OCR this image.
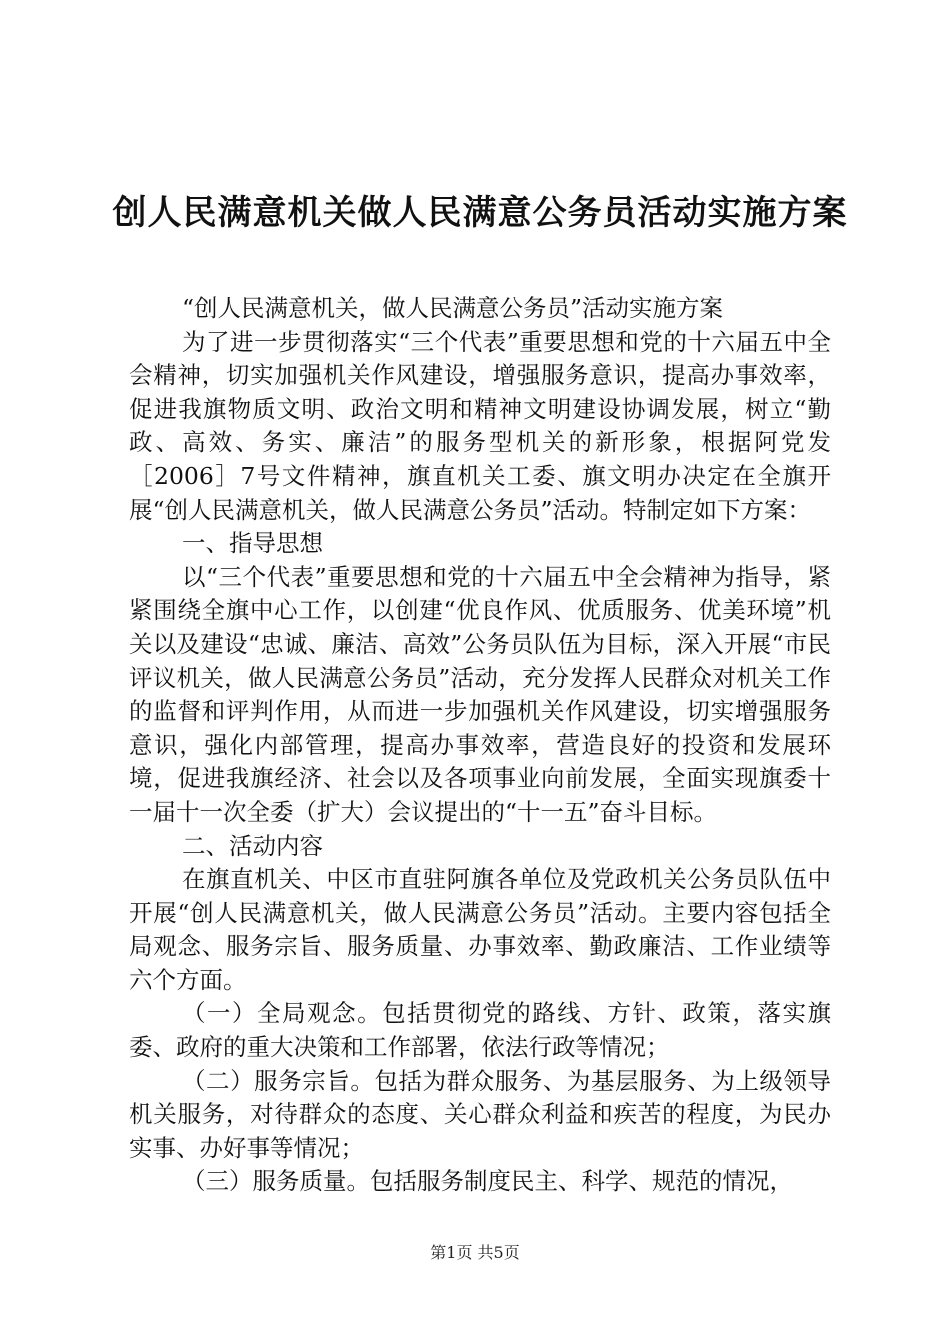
创人民满意机关做人民满意公务员活动实施方案

“创人民满意机关，做人民满意公务员”活动实施方案

为了进一步贯彻落实“三个代表”重要思想和党的十六届五中全会精神，切实加强机关作风建设，增强服务意识，提高办事效率，促进我旗物质文明、政治文明和精神文明建设协调发展，树立“勤政、高效、务实、廉洁”的服务型机关的新形象，根据阿党发［2006］7号文件精神，旗直机关工委、旗文明办决定在全旗开展“创人民满意机关，做人民满意公务员”活动。特制定如下方案：

一、指导思想

以“三个代表”重要思想和党的十六届五中全会精神为指导，紧紧围绕全旗中心工作，以创建“优良作风、优质服务、优美环境”机关以及建设“忠诚、廉洁、高效”公务员队伍为目标，深入开展“市民评议机关，做人民满意公务员”活动，充分发挥人民群众对机关工作的监督和评判作用，从而进一步加强机关作风建设，切实增强服务意识，强化内部管理，提高办事效率，营造良好的投资和发展环境，促进我旗经济、社会以及各项事业向前发展，全面实现旗委十一届十一次全委（扩大）会议提出的“十一五”奋斗目标。

二、活动内容

在旗直机关、中区市直驻阿旗各单位及党政机关公务员队伍中开展“创人民满意机关，做人民满意公务员”活动。主要内容包括全局观念、服务宗旨、服务质量、办事效率、勤政廉洁、工作业绩等六个方面。

（一）全局观念。包括贯彻党的路线、方针、政策，落实旗委、政府的重大决策和工作部署，依法行政等情况；

（二）服务宗旨。包括为群众服务、为基层服务、为上级领导机关服务，对待群众的态度、关心群众利益和疾苦的程度，为民办实事、办好事等情况；

（三）服务质量。包括服务制度民主、科学、规范的情况，

第1页 共5页
